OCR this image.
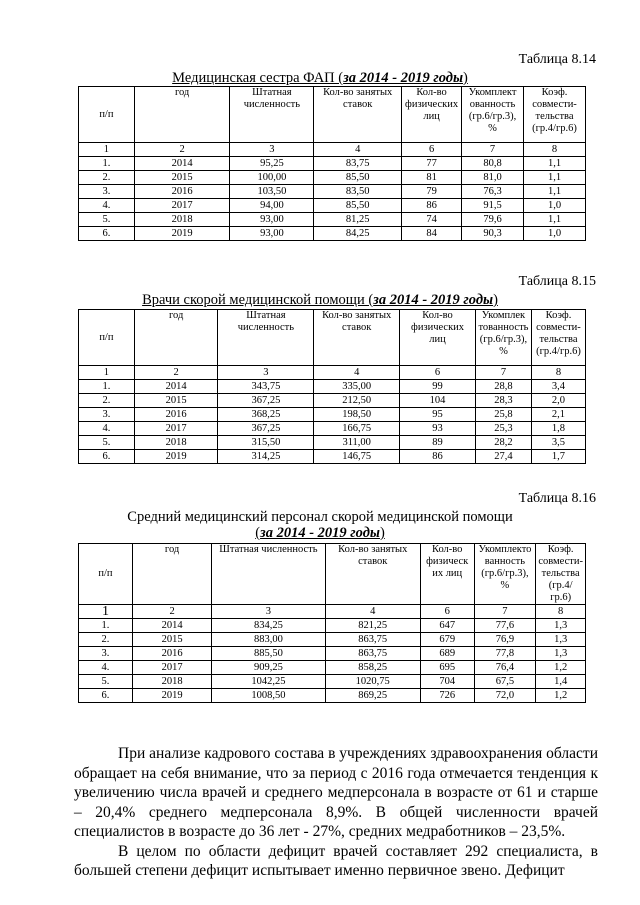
Таблица 8.14
Медицинская сестра ФАП (за 2014 - 2019 годы)
п/п	год	Штатная численность	Кол-во занятых ставок	Кол-во физических лиц	Укомплект ованность (гр.6/гр.3), %	Коэф. совмести-тельства (гр.4/гр.6)
1	2	3	4	6	7	8
1.	2014	95,25	83,75	77	80,8	1,1
2.	2015	100,00	85,50	81	81,0	1,1
3.	2016	103,50	83,50	79	76,3	1,1
4.	2017	94,00	85,50	86	91,5	1,0
5.	2018	93,00	81,25	74	79,6	1,1
6.	2019	93,00	84,25	84	90,3	1,0
Таблица 8.15
Врачи скорой медицинской помощи (за 2014 - 2019 годы)
п/п	год	Штатная численность	Кол-во занятых ставок	Кол-во физических лиц	Укомплек тованность (гр.6/гр.3), %	Коэф. совмести-тельства (гр.4/гр.6)
1	2	3	4	6	7	8
1.	2014	343,75	335,00	99	28,8	3,4
2.	2015	367,25	212,50	104	28,3	2,0
3.	2016	368,25	198,50	95	25,8	2,1
4.	2017	367,25	166,75	93	25,3	1,8
5.	2018	315,50	311,00	89	28,2	3,5
6.	2019	314,25	146,75	86	27,4	1,7
Таблица 8.16
Средний медицинский персонал скорой медицинской помощи
(за 2014 - 2019 годы)
п/п	год	Штатная численность	Кол-во занятых ставок	Кол-во физическ их лиц	Укомплекто ванность (гр.6/гр.3), %	Коэф. совмести-тельства (гр.4/гр.6)
1	2	3	4	6	7	8
1.	2014	834,25	821,25	647	77,6	1,3
2.	2015	883,00	863,75	679	76,9	1,3
3.	2016	885,50	863,75	689	77,8	1,3
4.	2017	909,25	858,25	695	76,4	1,2
5.	2018	1042,25	1020,75	704	67,5	1,4
6.	2019	1008,50	869,25	726	72,0	1,2

При анализе кадрового состава в учреждениях здравоохранения области обращает на себя внимание, что за период с 2016 года отмечается тенденция к увеличению числа врачей и среднего медперсонала в возрасте от 61 и старше – 20,4% среднего медперсонала 8,9%. В общей численности врачей специалистов в возрасте до 36 лет - 27%, средних медработников – 23,5%.

В целом по области дефицит врачей составляет 292 специалиста, в большей степени дефицит испытывает именно первичное звено. Дефицит
